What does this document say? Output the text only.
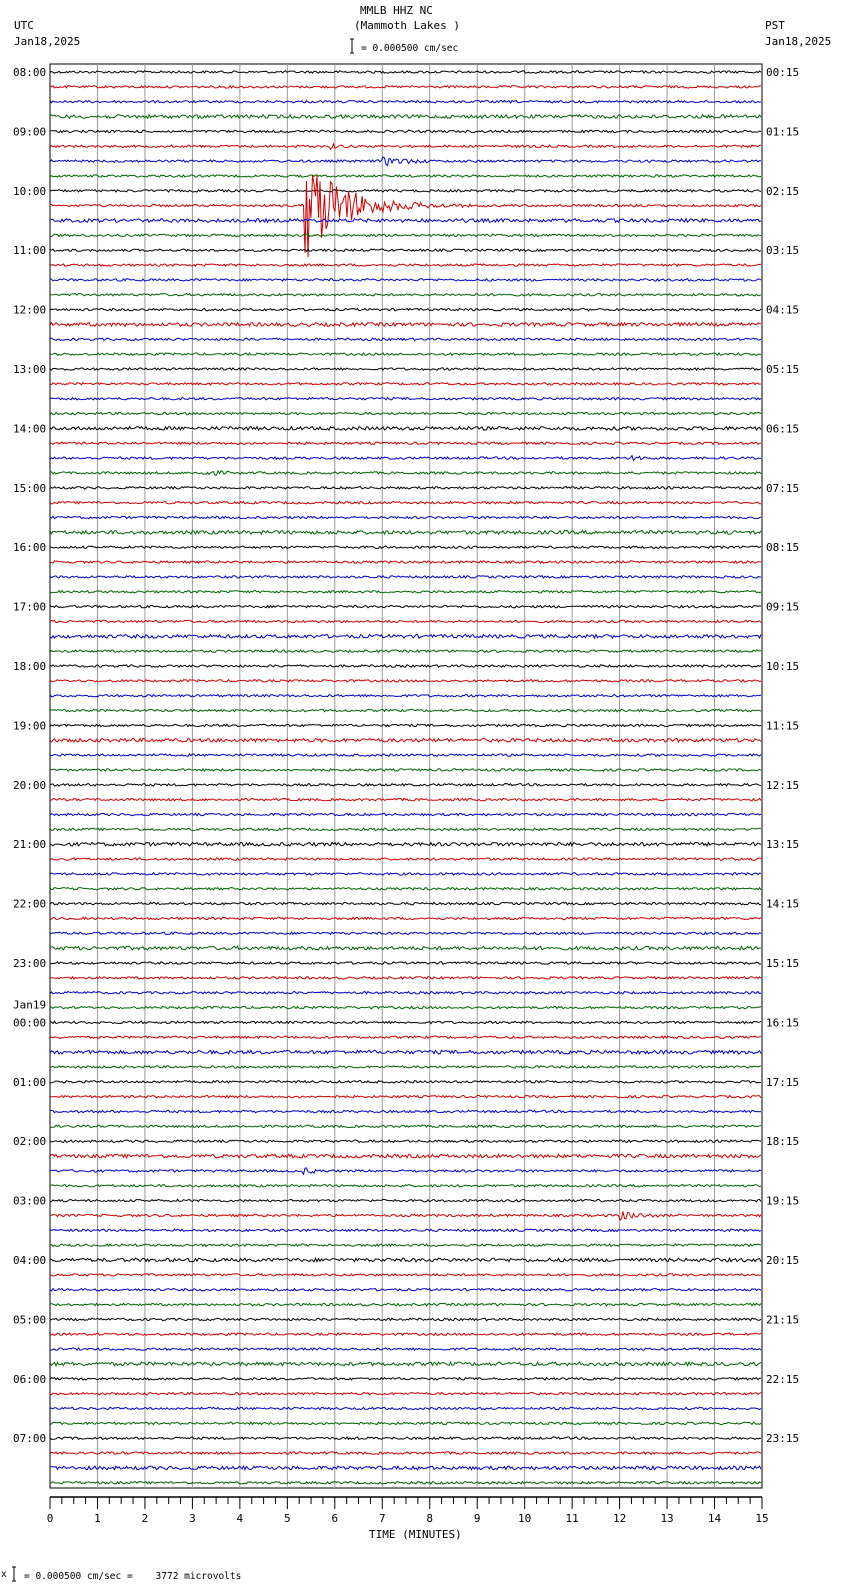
MMLB HHZ NC
(Mammoth Lakes )
UTC
Jan18,2025
PST
Jan18,2025
= 0.000500 cm/sec
08:00
09:00
10:00
11:00
12:00
13:00
14:00
15:00
16:00
17:00
18:00
19:00
20:00
21:00
22:00
23:00
00:00
Jan19
01:00
02:00
03:00
04:00
05:00
06:00
07:00
00:15
01:15
02:15
03:15
04:15
05:15
06:15
07:15
08:15
09:15
10:15
11:15
12:15
13:15
14:15
15:15
16:15
17:15
18:15
19:15
20:15
21:15
22:15
23:15
0	1	2	3	4	5	6	7	8	9	10	11	12	13	14	15
TIME (MINUTES)
x = 0.000500 cm/sec =    3772 microvolts
